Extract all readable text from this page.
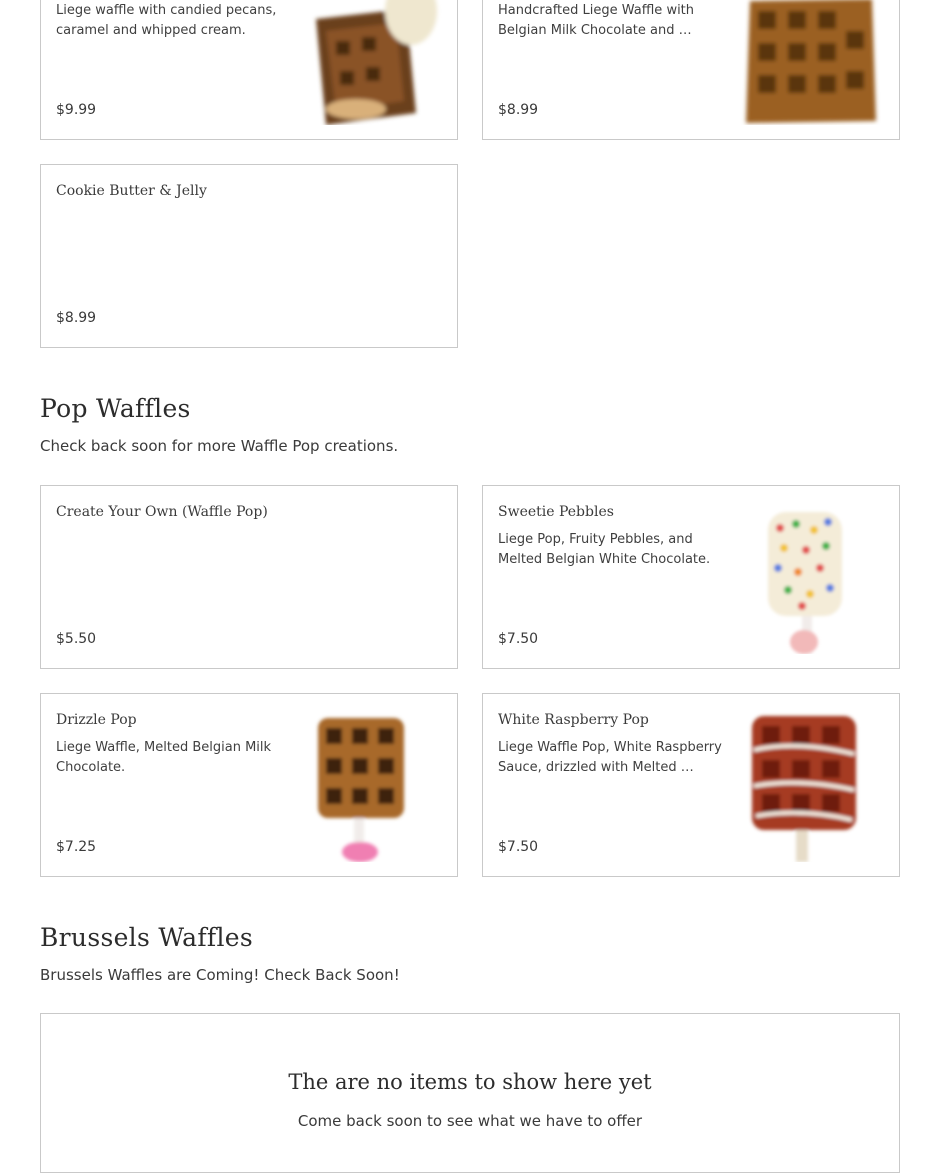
Liege waffle with candied pecans, caramel and whipped cream.
$9.99
Handcrafted Liege Waffle with Belgian Milk Chocolate and …
$8.99
Cookie Butter & Jelly
$8.99
Pop Waffles
Check back soon for more Waffle Pop creations.
Create Your Own (Waffle Pop)
$5.50
Sweetie Pebbles
Liege Pop, Fruity Pebbles, and Melted Belgian White Chocolate.
$7.50
Drizzle Pop
Liege Waffle, Melted Belgian Milk Chocolate.
$7.25
White Raspberry Pop
Liege Waffle Pop, White Raspberry Sauce, drizzled with Melted …
$7.50
Brussels Waffles
Brussels Waffles are Coming! Check Back Soon!
The are no items to show here yet
Come back soon to see what we have to offer
